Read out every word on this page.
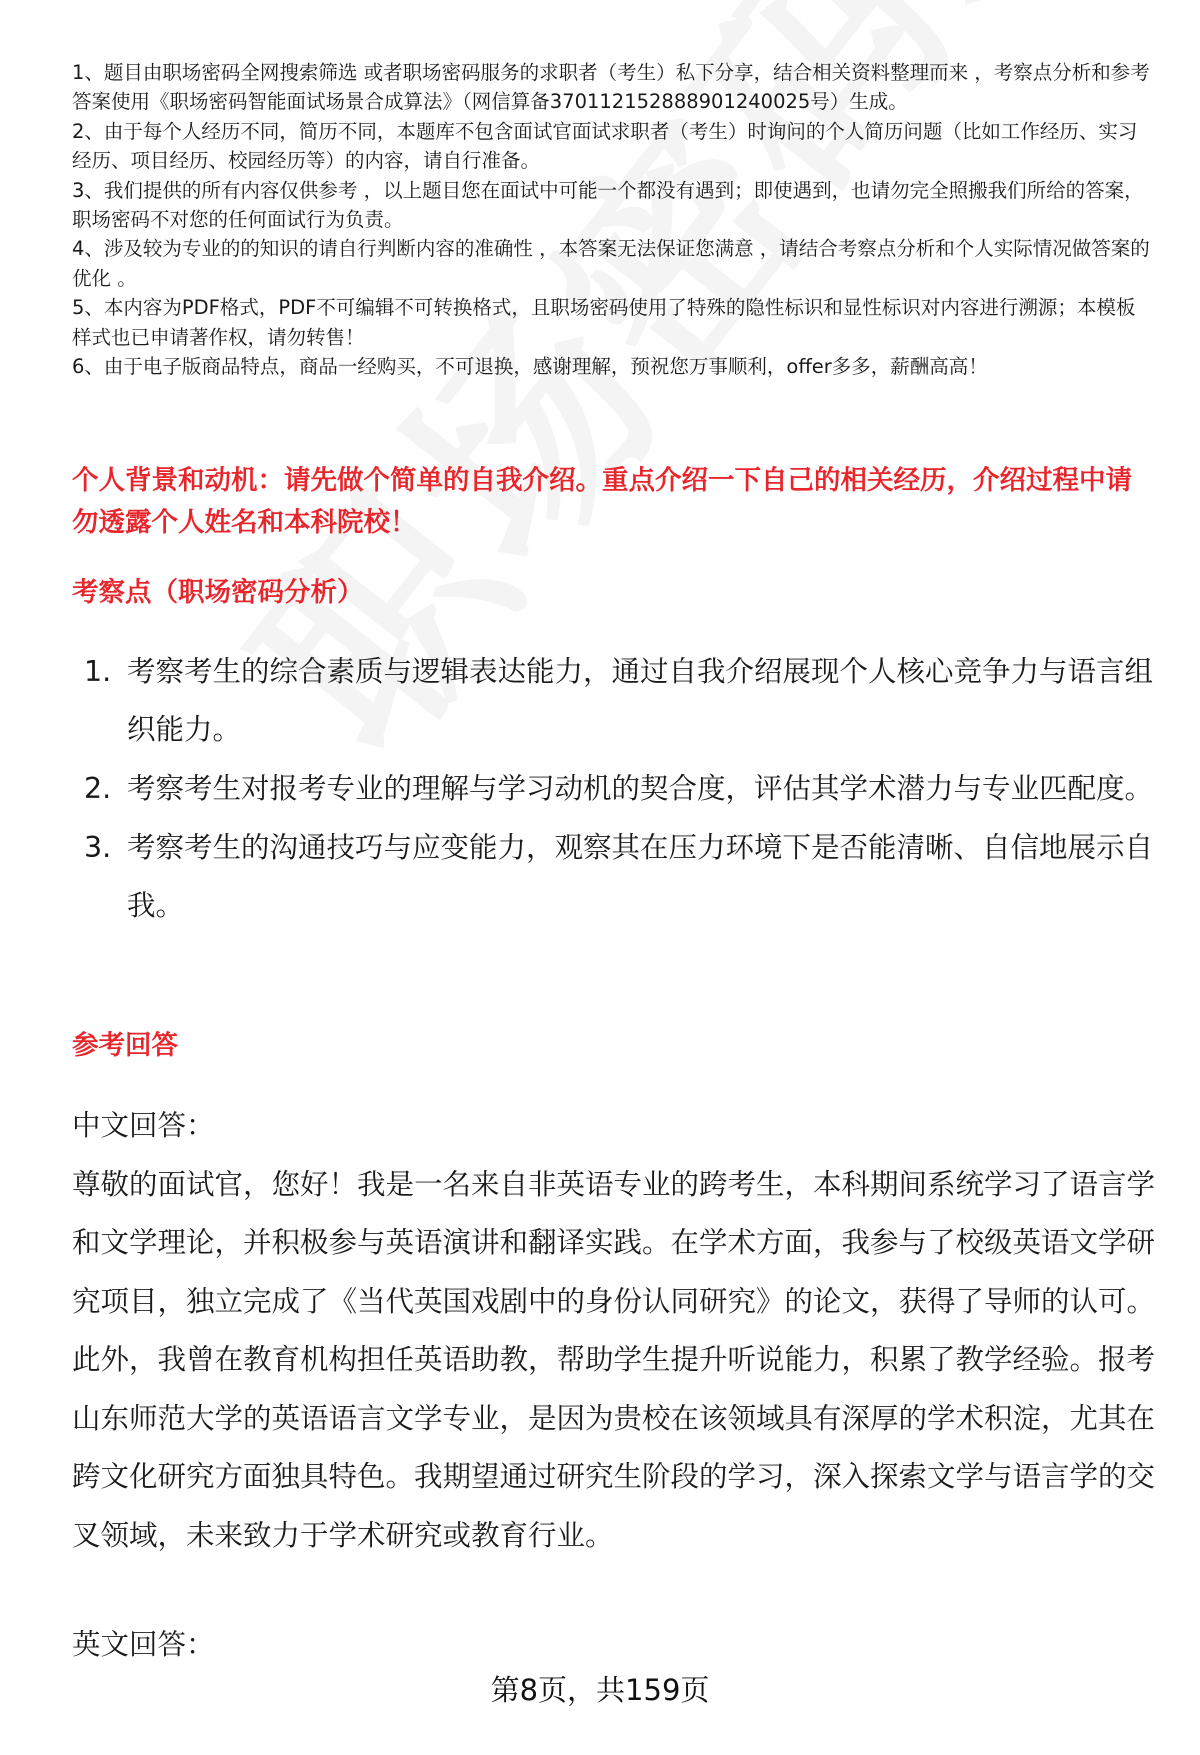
1、题目由职场密码全网搜索筛选 或者职场密码服务的求职者（考生）私下分享，结合相关资料整理而来 ，考察点分析和参考答案使用《职场密码智能面试场景合成算法》（网信算备370112152888901240025号）生成。

2、由于每个人经历不同，简历不同，本题库不包含面试官面试求职者（考生）时询问的个人简历问题（比如工作经历、实习经历、项目经历、校园经历等）的内容，请自行准备。

3、我们提供的所有内容仅供参考 ，以上题目您在面试中可能一个都没有遇到；即使遇到，也请勿完全照搬我们所给的答案，职场密码不对您的任何面试行为负责。

4、涉及较为专业的的知识的请自行判断内容的准确性 ，本答案无法保证您满意 ，请结合考察点分析和个人实际情况做答案的优化 。

5、本内容为PDF格式，PDF不可编辑不可转换格式，且职场密码使用了特殊的隐性标识和显性标识对内容进行溯源；本模板样式也已申请著作权，请勿转售！

6、由于电子版商品特点，商品一经购买，不可退换，感谢理解，预祝您万事顺利，offer多多，薪酬高高！

个人背景和动机：请先做个简单的自我介绍。重点介绍一下自己的相关经历，介绍过程中请勿透露个人姓名和本科院校！

考察点（职场密码分析）

1. 考察考生的综合素质与逻辑表达能力，通过自我介绍展现个人核心竞争力与语言组织能力。
2. 考察考生对报考专业的理解与学习动机的契合度，评估其学术潜力与专业匹配度。
3. 考察考生的沟通技巧与应变能力，观察其在压力环境下是否能清晰、自信地展示自我。

参考回答

中文回答：

尊敬的面试官，您好！我是一名来自非英语专业的跨考生，本科期间系统学习了语言学和文学理论，并积极参与英语演讲和翻译实践。在学术方面，我参与了校级英语文学研究项目，独立完成了《当代英国戏剧中的身份认同研究》的论文，获得了导师的认可。此外，我曾在教育机构担任英语助教，帮助学生提升听说能力，积累了教学经验。报考山东师范大学的英语语言文学专业，是因为贵校在该领域具有深厚的学术积淀，尤其在跨文化研究方面独具特色。我期望通过研究生阶段的学习，深入探索文学与语言学的交叉领域，未来致力于学术研究或教育行业。

英文回答：

第8页，共159页
